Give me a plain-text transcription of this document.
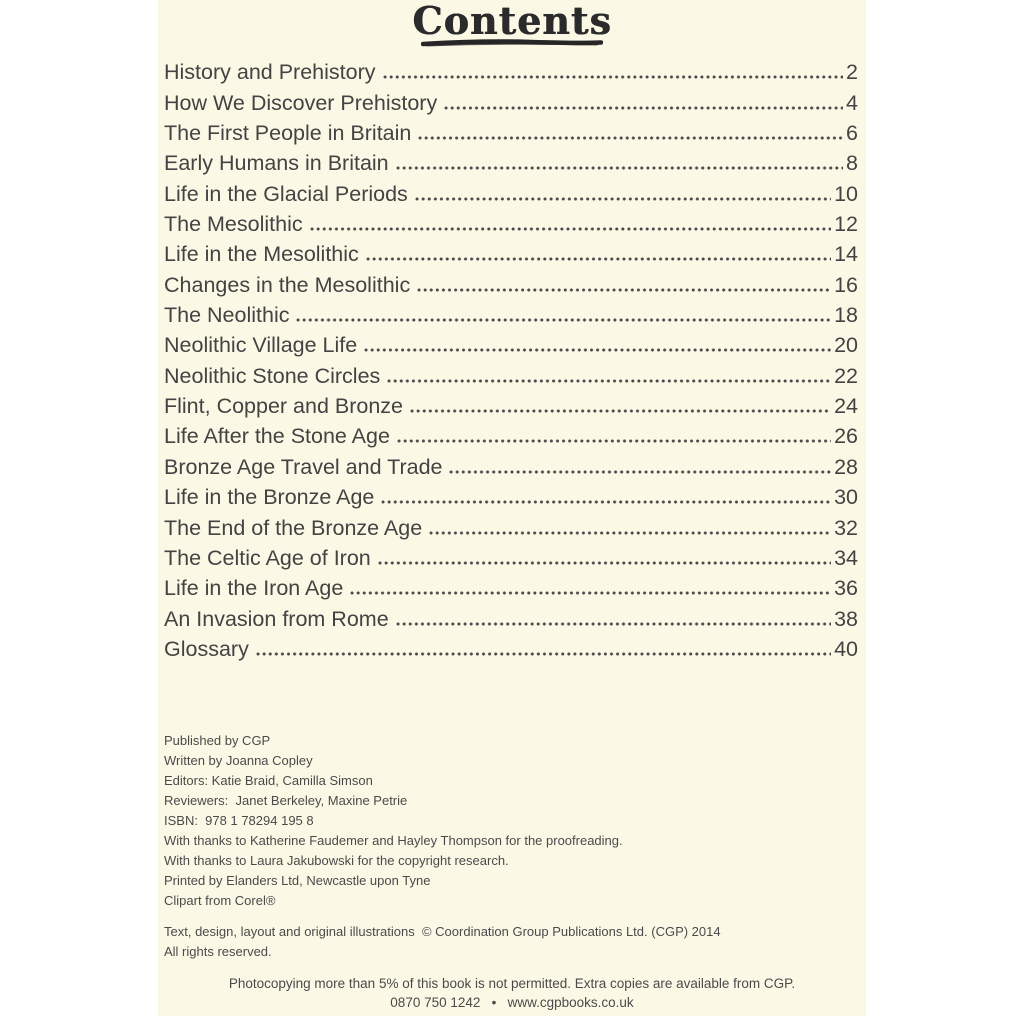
Contents
History and Prehistory	2
How We Discover Prehistory	4
The First People in Britain	6
Early Humans in Britain	8
Life in the Glacial Periods	10
The Mesolithic	12
Life in the Mesolithic	14
Changes in the Mesolithic	16
The Neolithic	18
Neolithic Village Life	20
Neolithic Stone Circles	22
Flint, Copper and Bronze	24
Life After the Stone Age	26
Bronze Age Travel and Trade	28
Life in the Bronze Age	30
The End of the Bronze Age	32
The Celtic Age of Iron	34
Life in the Iron Age	36
An Invasion from Rome	38
Glossary	40
Published by CGP
Written by Joanna Copley
Editors: Katie Braid, Camilla Simson
Reviewers:  Janet Berkeley, Maxine Petrie
ISBN:  978 1 78294 195 8
With thanks to Katherine Faudemer and Hayley Thompson for the proofreading.
With thanks to Laura Jakubowski for the copyright research.
Printed by Elanders Ltd, Newcastle upon Tyne
Clipart from Corel®
Text, design, layout and original illustrations  © Coordination Group Publications Ltd. (CGP) 2014
All rights reserved.
Photocopying more than 5% of this book is not permitted. Extra copies are available from CGP.
0870 750 1242   •   www.cgpbooks.co.uk
